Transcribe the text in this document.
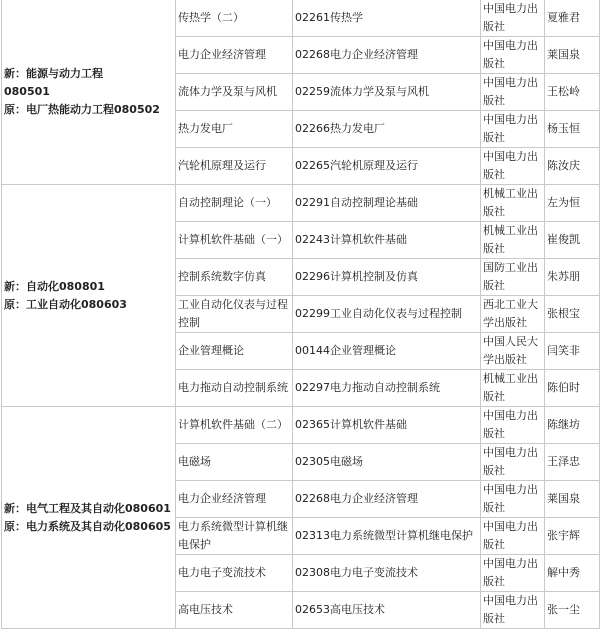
新：能源与动力工程
080501
原：电厂热能动力工程080502	传热学（二）	02261传热学	中国电力出版社	夏雅君
	电力企业经济管理	02268电力企业经济管理	中国电力出版社	莱国泉
	流体力学及泵与风机	02259流体力学及泵与风机	中国电力出版社	王松岭
	热力发电厂	02266热力发电厂	中国电力出版社	杨玉恒
	汽轮机原理及运行	02265汽轮机原理及运行	中国电力出版社	陈汝庆

新：自动化080801
原：工业自动化080603	自动控制理论（一）	02291自动控制理论基础	机械工业出版社	左为恒
	计算机软件基础（一）	02243计算机软件基础	机械工业出版社	崔俊凯
	控制系统数字仿真	02296计算机控制及仿真	国防工业出版社	朱苏朋
	工业自动化仪表与过程控制	02299工业自动化仪表与过程控制	西北工业大学出版社	张根宝
	企业管理概论	00144企业管理概论	中国人民大学出版社	闫笑非
	电力拖动自动控制系统	02297电力拖动自动控制系统	机械工业出版社	陈伯时

新：电气工程及其自动化080601
原：电力系统及其自动化080605	计算机软件基础（二）	02365计算机软件基础	中国电力出版社	陈继坊
	电磁场	02305电磁场	中国电力出版社	王泽忠
	电力企业经济管理	02268电力企业经济管理	中国电力出版社	莱国泉
	电力系统微型计算机继电保护	02313电力系统微型计算机继电保护	中国电力出版社	张宇辉
	电力电子变流技术	02308电力电子变流技术	中国电力出版社	解中秀
	高电压技术	02653高电压技术	中国电力出版社	张一尘
